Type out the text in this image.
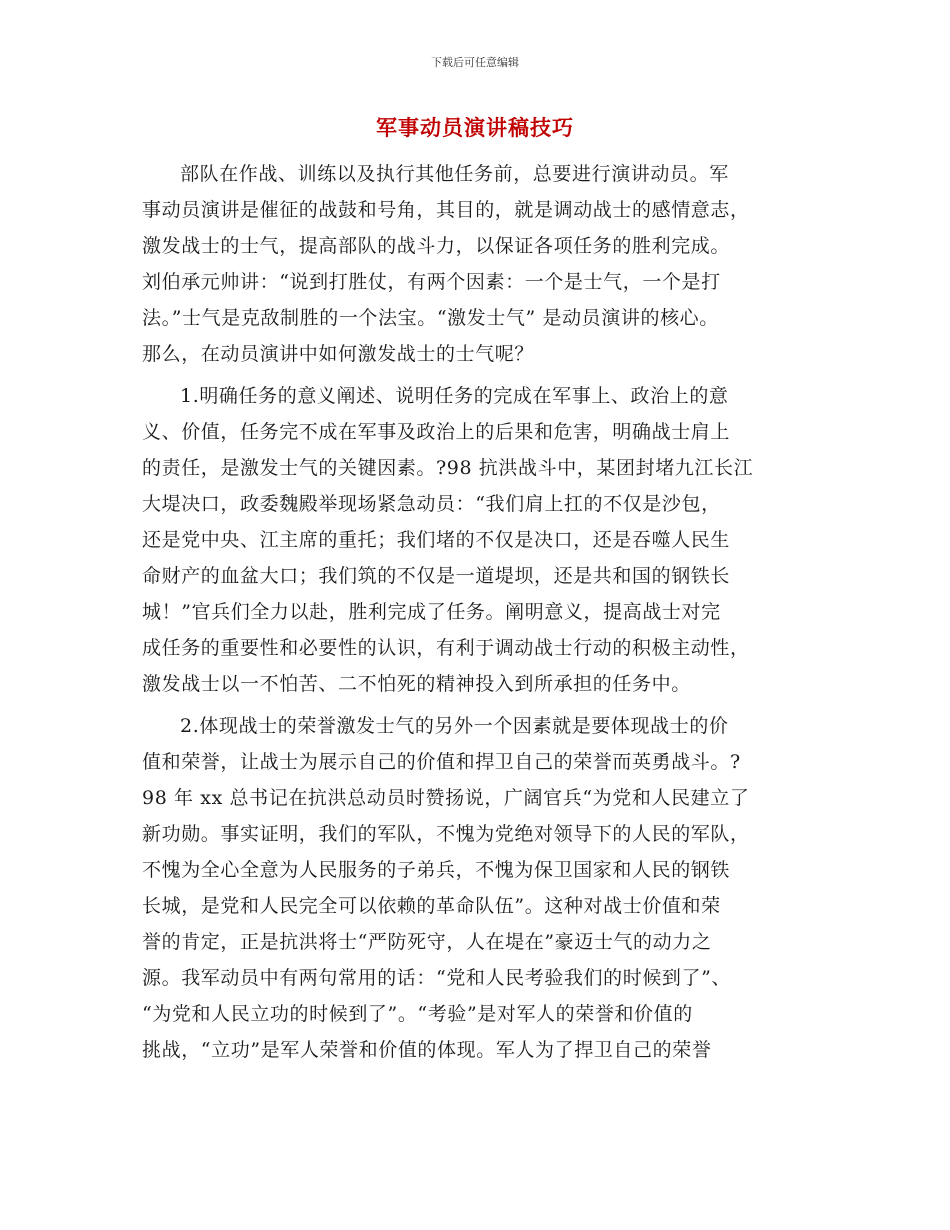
下载后可任意编辑
军事动员演讲稿技巧
部队在作战、训练以及执行其他任务前，总要进行演讲动员。军
事动员演讲是催征的战鼓和号角，其目的，就是调动战士的感情意志，
激发战士的士气，提高部队的战斗力，以保证各项任务的胜利完成。
刘伯承元帅讲：“说到打胜仗，有两个因素：一个是士气，一个是打
法。”士气是克敌制胜的一个法宝。“激发士气” 是动员演讲的核心。
那么，在动员演讲中如何激发战士的士气呢？
1.明确任务的意义阐述、说明任务的完成在军事上、政治上的意
义、价值，任务完不成在军事及政治上的后果和危害，明确战士肩上
的责任，是激发士气的关键因素。?98 抗洪战斗中，某团封堵九江长江
大堤决口，政委魏殿举现场紧急动员：“我们肩上扛的不仅是沙包，
还是党中央、江主席的重托；我们堵的不仅是决口，还是吞噬人民生
命财产的血盆大口；我们筑的不仅是一道堤坝，还是共和国的钢铁长
城！”官兵们全力以赴，胜利完成了任务。阐明意义，提高战士对完
成任务的重要性和必要性的认识，有利于调动战士行动的积极主动性，
激发战士以一不怕苦、二不怕死的精神投入到所承担的任务中。
2.体现战士的荣誉激发士气的另外一个因素就是要体现战士的价
值和荣誉，让战士为展示自己的价值和捍卫自己的荣誉而英勇战斗。?
98 年 xx 总书记在抗洪总动员时赞扬说，广阔官兵“为党和人民建立了
新功勋。事实证明，我们的军队，不愧为党绝对领导下的人民的军队，
不愧为全心全意为人民服务的子弟兵，不愧为保卫国家和人民的钢铁
长城，是党和人民完全可以依赖的革命队伍”。这种对战士价值和荣
誉的肯定，正是抗洪将士“严防死守，人在堤在”豪迈士气的动力之
源。我军动员中有两句常用的话：“党和人民考验我们的时候到了”、
“为党和人民立功的时候到了”。“考验”是对军人的荣誉和价值的
挑战，“立功”是军人荣誉和价值的体现。军人为了捍卫自己的荣誉
